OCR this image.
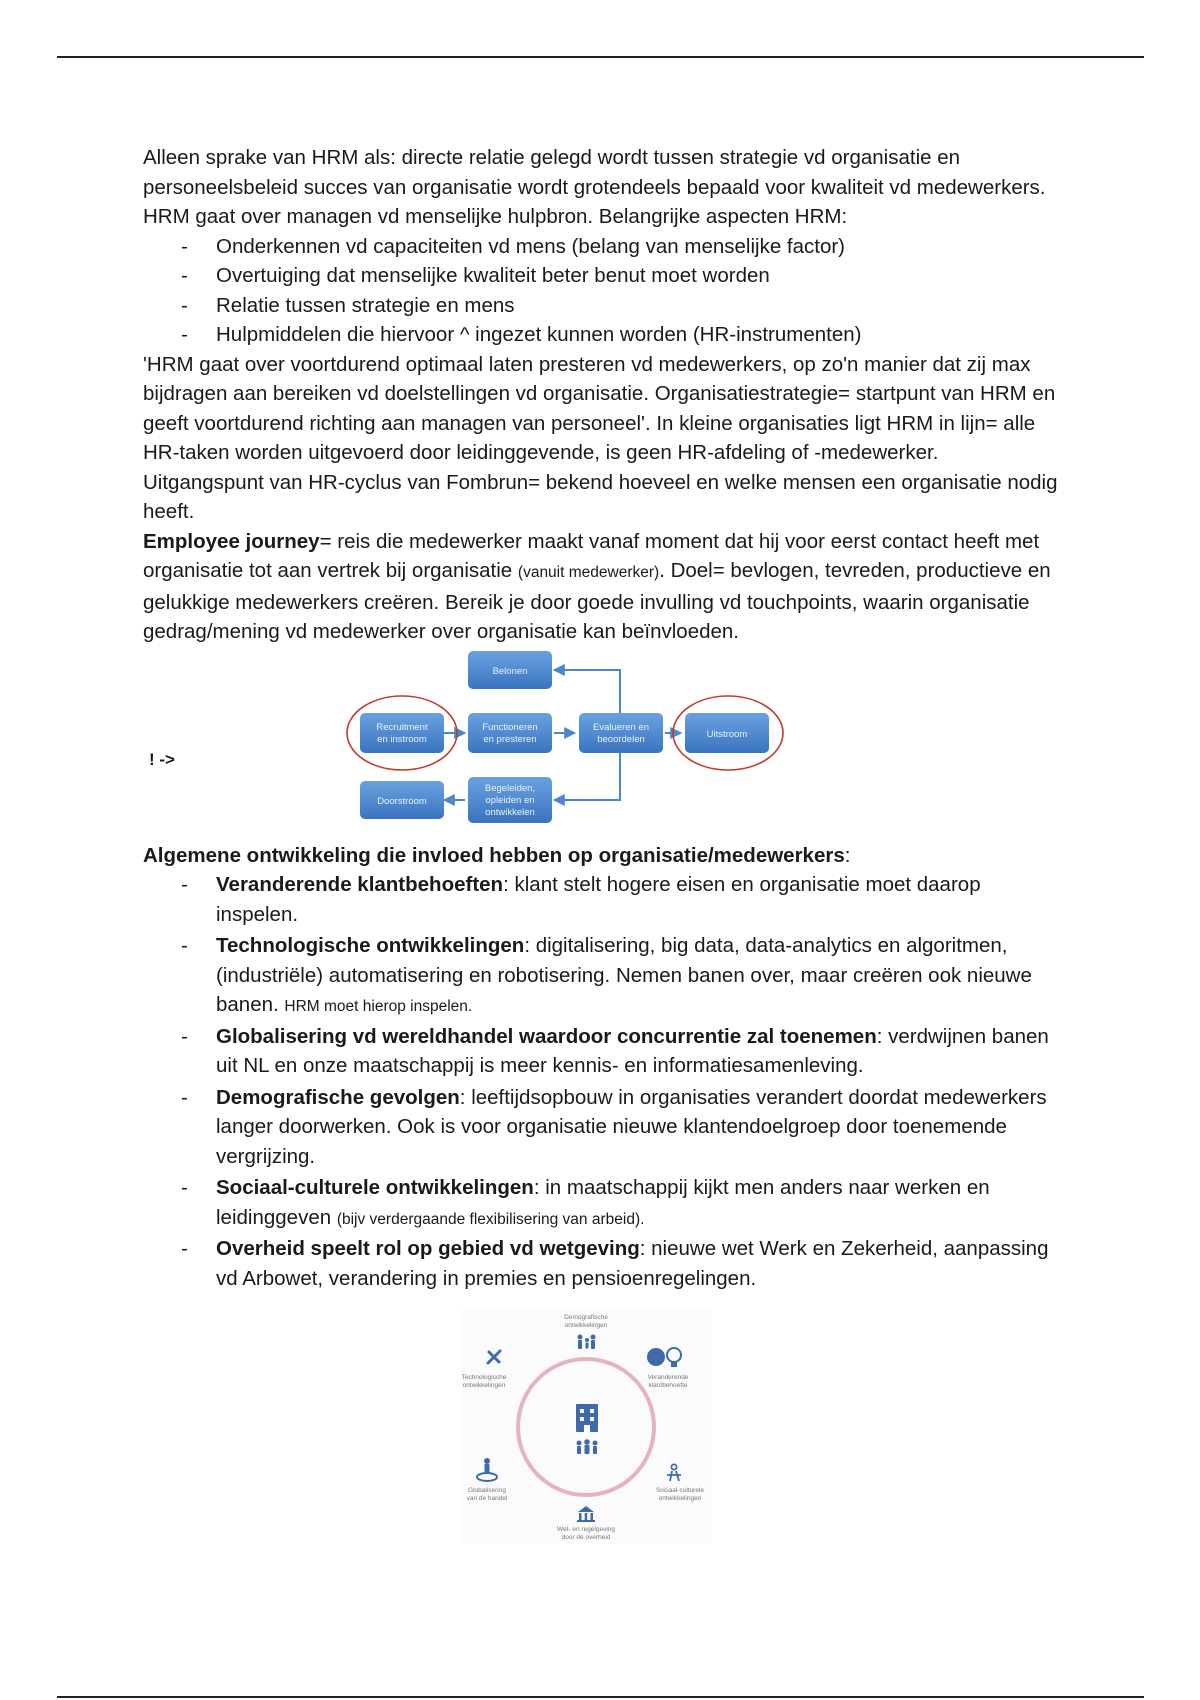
Alleen sprake van HRM als: directe relatie gelegd wordt tussen strategie vd organisatie en personeelsbeleid succes van organisatie wordt grotendeels bepaald voor kwaliteit vd medewerkers. HRM gaat over managen vd menselijke hulpbron. Belangrijke aspecten HRM:

- Onderkennen vd capaciteiten vd mens (belang van menselijke factor)
- Overtuiging dat menselijke kwaliteit beter benut moet worden
- Relatie tussen strategie en mens
- Hulpmiddelen die hiervoor ^ ingezet kunnen worden (HR-instrumenten)

'HRM gaat over voortdurend optimaal laten presteren vd medewerkers, op zo'n manier dat zij max bijdragen aan bereiken vd doelstellingen vd organisatie. Organisatiestrategie= startpunt van HRM en geeft voortdurend richting aan managen van personeel'. In kleine organisaties ligt HRM in lijn= alle HR-taken worden uitgevoerd door leidinggevende, is geen HR-afdeling of -medewerker. Uitgangspunt van HR-cyclus van Fombrun= bekend hoeveel en welke mensen een organisatie nodig heeft.

Employee journey= reis die medewerker maakt vanaf moment dat hij voor eerst contact heeft met organisatie tot aan vertrek bij organisatie (vanuit medewerker). Doel= bevlogen, tevreden, productieve en gelukkige medewerkers creëren. Bereik je door goede invulling vd touchpoints, waarin organisatie gedrag/mening vd medewerker over organisatie kan beïnvloeden.

! ->
Belonen
Recruitment
en instroom
Functioneren
en presteren
Evalueren en
beoordelen	Uitstroom
Doorstroom
Begeleiden,
opleiden en
ontwikkelen

Algemene ontwikkeling die invloed hebben op organisatie/medewerkers:

- Veranderende klantbehoeften: klant stelt hogere eisen en organisatie moet daarop inspelen.
- Technologische ontwikkelingen: digitalisering, big data, data-analytics en algoritmen, (industriële) automatisering en robotisering. Nemen banen over, maar creëren ook nieuwe banen. HRM moet hierop inspelen.
- Globalisering vd wereldhandel waardoor concurrentie zal toenemen: verdwijnen banen uit NL en onze maatschappij is meer kennis- en informatiesamenleving.
- Demografische gevolgen: leeftijdsopbouw in organisaties verandert doordat medewerkers langer doorwerken. Ook is voor organisatie nieuwe klantendoelgroep door toenemende vergrijzing.
- Sociaal-culturele ontwikkelingen: in maatschappij kijkt men anders naar werken en leidinggeven (bijv verdergaande flexibilisering van arbeid).
- Overheid speelt rol op gebied vd wetgeving: nieuwe wet Werk en Zekerheid, aanpassing vd Arbowet, verandering in premies en pensioenregelingen.
Demografische
ontwikkelingen
Technologische
ontwikkelingen
Veranderende
klantbehoefte
Globalisering
van de handel
Sociaal-culturele
ontwikkelingen
Wet- en regelgeving
door de overheid
